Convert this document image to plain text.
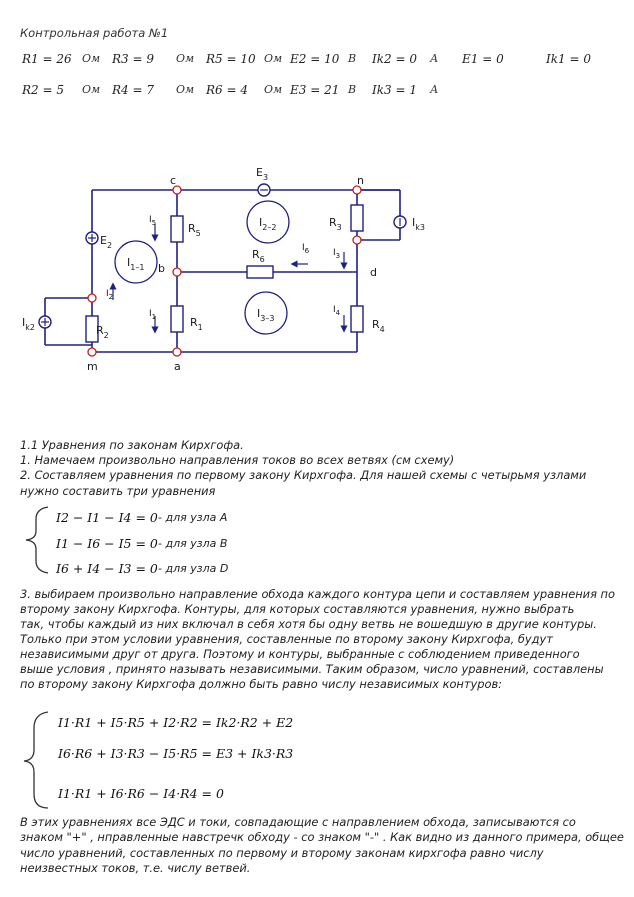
Контрольная работа №1
R1 = 26 Ом R3 = 9 Ом R5 = 10 Ом E2 = 10 В Ik2 = 0 А E1 = 0	Ik1 = 0
R2 = 5 Ом R4 = 7 Ом R6 = 4 Ом E3 = 21 В Ik3 = 1 А
c	n
d
m	a
b
$E_3$
$E_2$
$R_5$
$R_3$
$R_6$
$R_1$	$R_4$
$R_2$
$I_{k3}$
$I_{k2}$
$I_{1-1}$
$I_{2-2}$
$I_{3-3}$
$I_5$
$I_1$
$I_2$
$I_6$	$I_3$
$I_4$
1.1 Уравнения по законам Кирхгофа.
1. Намечаем произвольно направления токов во всех ветвях (см схему)
2. Составляем уравнения по первому закону Кирхгофа. Для нашей схемы с четырьмя узлами
нужно составить три уравнения
I2 − I1 − I4 = 0 - для узла A
I1 − I6 − I5 = 0 - для узла B
I6 + I4 − I3 = 0 - для узла D
3. выбираем произвольно направление обхода каждого контура цепи и составляем уравнения по
второму закону Кирхгофа. Контуры, для которых составляются уравнения, нужно выбрать
так, чтобы каждый из них включал в себя хотя бы одну ветвь не вошедшую в другие контуры.
Только при этом условии уравнения, составленные по второму закону Кирхгофа, будут
независимыми друг от друга. Поэтому и контуры, выбранные с соблюдением приведенного
выше условия , принято называть независимыми. Таким образом, число уравнений, составлены
по второму закону Кирхгофа должно быть равно числу независимых контуров:
I1·R1 + I5·R5 + I2·R2 = Ik2·R2 + E2
I6·R6 + I3·R3 − I5·R5 = E3 + Ik3·R3
I1·R1 + I6·R6 − I4·R4 = 0
В этих уравнениях все ЭДС и токи, совпадающие с направлением обхода, записываются со
знаком "+" , нправленные навстречк обходу - со знаком "-" . Как видно из данного примера, общее
число уравнений, составленных по первому и второму законам кирхгофа равно числу
неизвестных токов, т.е. числу ветвей.
